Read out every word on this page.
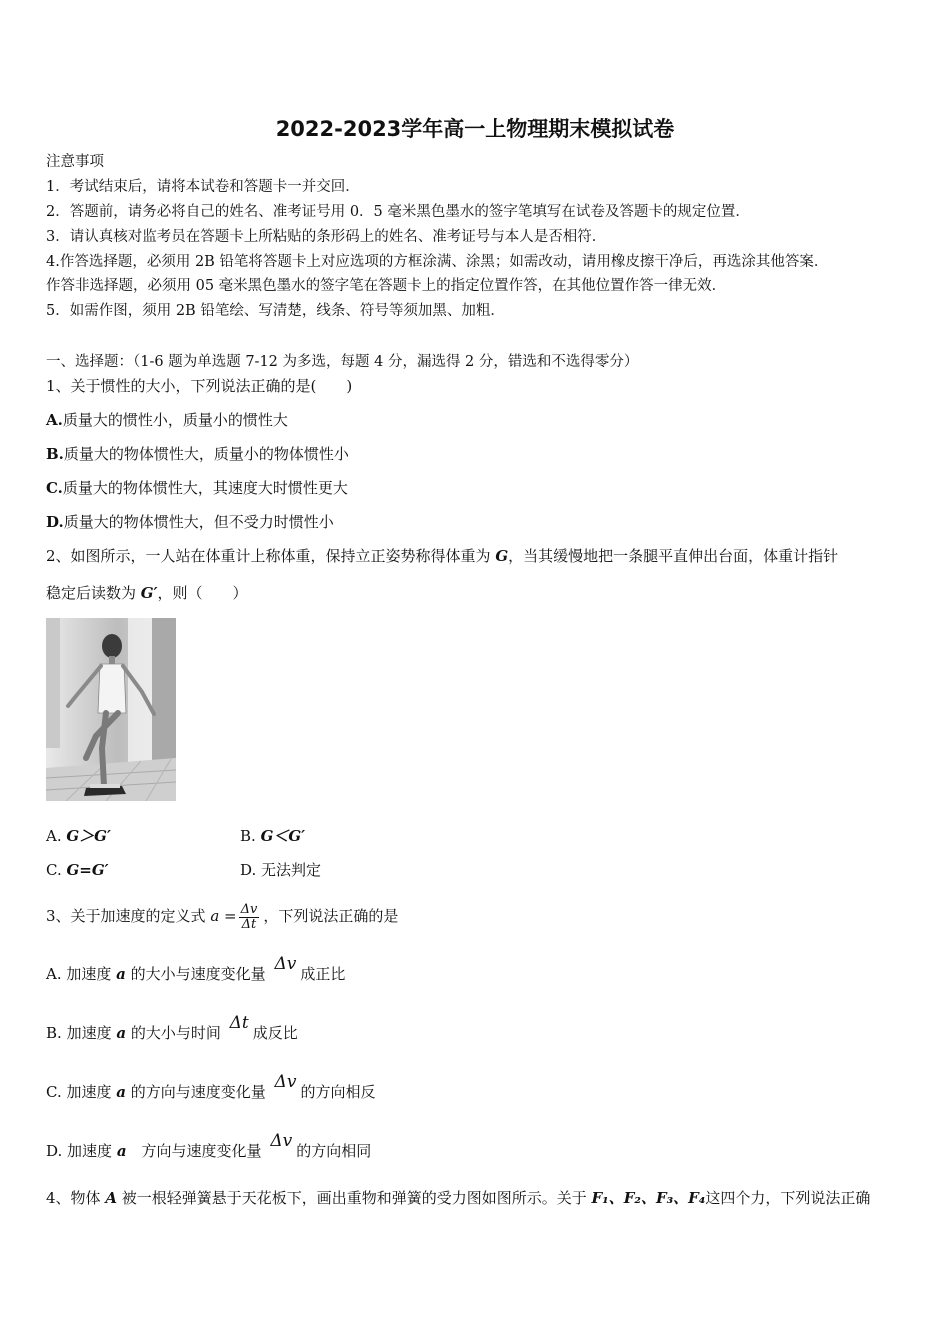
2022-2023学年高一上物理期末模拟试卷
注意事项
1．考试结束后，请将本试卷和答题卡一并交回．
2．答题前，请务必将自己的姓名、准考证号用 0．5 毫米黑色墨水的签字笔填写在试卷及答题卡的规定位置．
3．请认真核对监考员在答题卡上所粘贴的条形码上的姓名、准考证号与本人是否相符．
4.作答选择题，必须用 2B 铅笔将答题卡上对应选项的方框涂满、涂黑；如需改动，请用橡皮擦干净后，再选涂其他答案．
作答非选择题，必须用 05 毫米黑色墨水的签字笔在答题卡上的指定位置作答，在其他位置作答一律无效．
5．如需作图，须用 2B 铅笔绘、写清楚，线条、符号等须加黑、加粗．
一、选择题：（1-6 题为单选题 7-12 为多选，每题 4 分，漏选得 2 分，错选和不选得零分）
1、关于惯性的大小，下列说法正确的是(　　)
A.质量大的惯性小，质量小的惯性大
B.质量大的物体惯性大，质量小的物体惯性小
C.质量大的物体惯性大，其速度大时惯性更大
D.质量大的物体惯性大，但不受力时惯性小
2、如图所示，一人站在体重计上称体重，保持立正姿势称得体重为 G，当其缓慢地把一条腿平直伸出台面，体重计指针
稳定后读数为 G′，则（　　）
A. G＞G′	B. G＜G′
C. G=G′	D. 无法判定
3、关于加速度的定义式 $a = \frac{\Delta v}{\Delta t}$ ，下列说法正确的是
A. 加速度 a 的大小与速度变化量 Δv 成正比
B. 加速度 a 的大小与时间 Δt 成反比
C. 加速度 a 的方向与速度变化量 Δv 的方向相反
D. 加速度 a　方向与速度变化量 Δv 的方向相同
4、物体 A 被一根轻弹簧悬于天花板下，画出重物和弹簧的受力图如图所示。关于 F₁、F₂、F₃、F₄这四个力，下列说法正确
